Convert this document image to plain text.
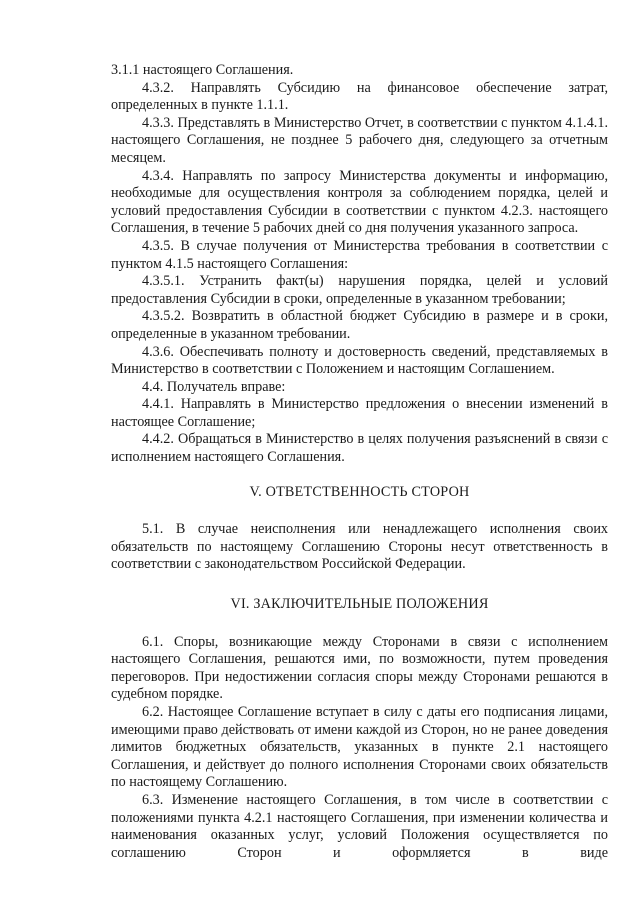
3.1.1 настоящего Соглашения.

4.3.2. Направлять Субсидию на финансовое обеспечение затрат, определенных в пункте 1.1.1.

4.3.3. Представлять в Министерство Отчет, в соответствии с пунктом 4.1.4.1. настоящего Соглашения, не позднее 5 рабочего дня, следующего за отчетным месяцем.

4.3.4. Направлять по запросу Министерства документы и информацию, необходимые для осуществления контроля за соблюдением порядка, целей и условий предоставления Субсидии в соответствии с пунктом 4.2.3. настоящего Соглашения, в течение 5 рабочих дней со дня получения указанного запроса.

4.3.5. В случае получения от Министерства требования в соответствии с пунктом 4.1.5 настоящего Соглашения:

4.3.5.1. Устранить факт(ы) нарушения порядка, целей и условий предоставления Субсидии в сроки, определенные в указанном требовании;

4.3.5.2. Возвратить в областной бюджет Субсидию в размере и в сроки, определенные в указанном требовании.

4.3.6. Обеспечивать полноту и достоверность сведений, представляемых в Министерство в соответствии с Положением и настоящим Соглашением.

4.4. Получатель вправе:

4.4.1. Направлять в Министерство предложения о внесении изменений в настоящее Соглашение;

4.4.2. Обращаться в Министерство в целях получения разъяснений в связи с исполнением настоящего Соглашения.

V. ОТВЕТСТВЕННОСТЬ СТОРОН

5.1. В случае неисполнения или ненадлежащего исполнения своих обязательств по настоящему Соглашению Стороны несут ответственность в соответствии с законодательством Российской Федерации.

VI. ЗАКЛЮЧИТЕЛЬНЫЕ ПОЛОЖЕНИЯ

6.1. Споры, возникающие между Сторонами в связи с исполнением настоящего Соглашения, решаются ими, по возможности, путем проведения переговоров. При недостижении согласия споры между Сторонами решаются в судебном порядке.

6.2. Настоящее Соглашение вступает в силу с даты его подписания лицами, имеющими право действовать от имени каждой из Сторон, но не ранее доведения лимитов бюджетных обязательств, указанных в пункте 2.1 настоящего Соглашения, и действует до полного исполнения Сторонами своих обязательств по настоящему Соглашению.

6.3. Изменение настоящего Соглашения, в том числе в соответствии с положениями пункта 4.2.1 настоящего Соглашения, при изменении количества и наименования оказанных услуг, условий Положения осуществляется по соглашению Сторон и оформляется в виде
